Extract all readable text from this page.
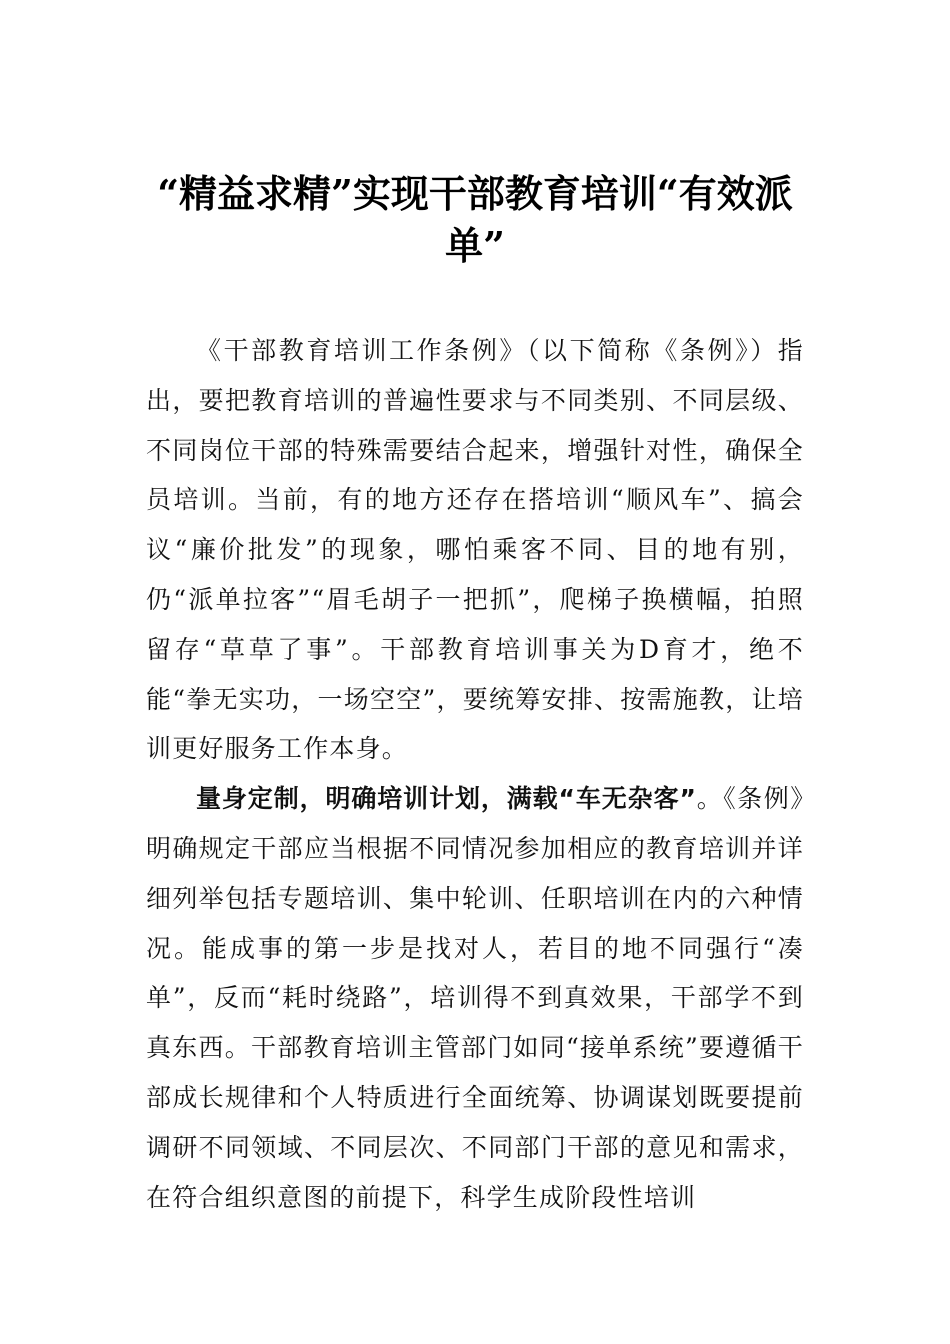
“精益求精”实现干部教育培训“有效派单”

《干部教育培训工作条例》（以下简称《条例》）指出，要把教育培训的普遍性要求与不同类别、不同层级、不同岗位干部的特殊需要结合起来，增强针对性，确保全员培训。当前，有的地方还存在搭培训“顺风车”、搞会议“廉价批发”的现象，哪怕乘客不同、目的地有别，仍“派单拉客”“眉毛胡子一把抓”，爬梯子换横幅，拍照留存“草草了事”。干部教育培训事关为D育才，绝不能“拳无实功，一场空空”，要统筹安排、按需施教，让培训更好服务工作本身。

量身定制，明确培训计划，满载“车无杂客”。《条例》明确规定干部应当根据不同情况参加相应的教育培训并详细列举包括专题培训、集中轮训、任职培训在内的六种情况。能成事的第一步是找对人，若目的地不同强行“凑单”，反而“耗时绕路”，培训得不到真效果，干部学不到真东西。干部教育培训主管部门如同“接单系统”要遵循干部成长规律和个人特质进行全面统筹、协调谋划既要提前调研不同领域、不同层次、不同部门干部的意见和需求，在符合组织意图的前提下，科学生成阶段性培训
